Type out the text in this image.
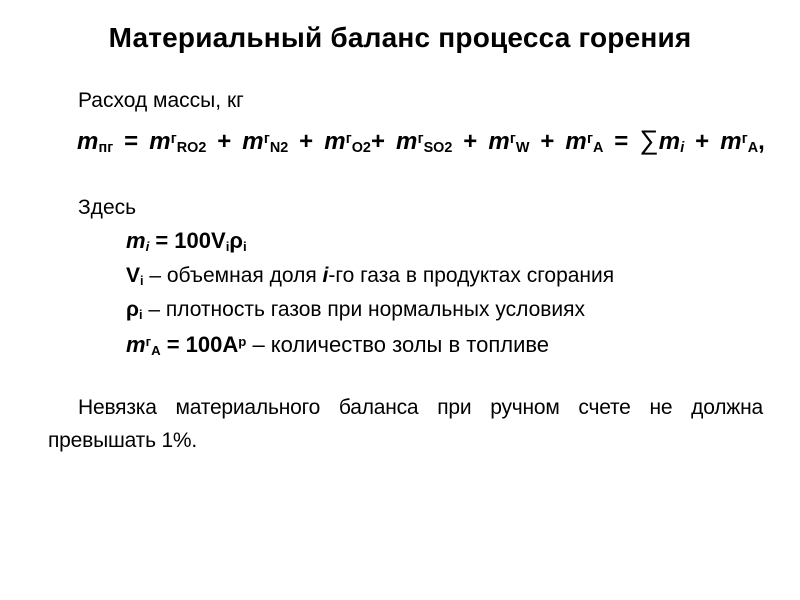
Материальный баланс процесса горения
Расход массы, кг
mпг = $m^гRO2 + m^гN2 + m^гO2+ m^гSO2 + m^гW + m^гA = \sum mi + m^гA$,
Здесь
mi = 100Viρi
Vi – объемная доля i-го газа в продуктах сгорания
ρi – плотность газов при нормальных условиях
$m^гA = 100A^р$ – количество золы в топливе
Невязка материального баланса при ручном счете не должна
превышать 1%.
